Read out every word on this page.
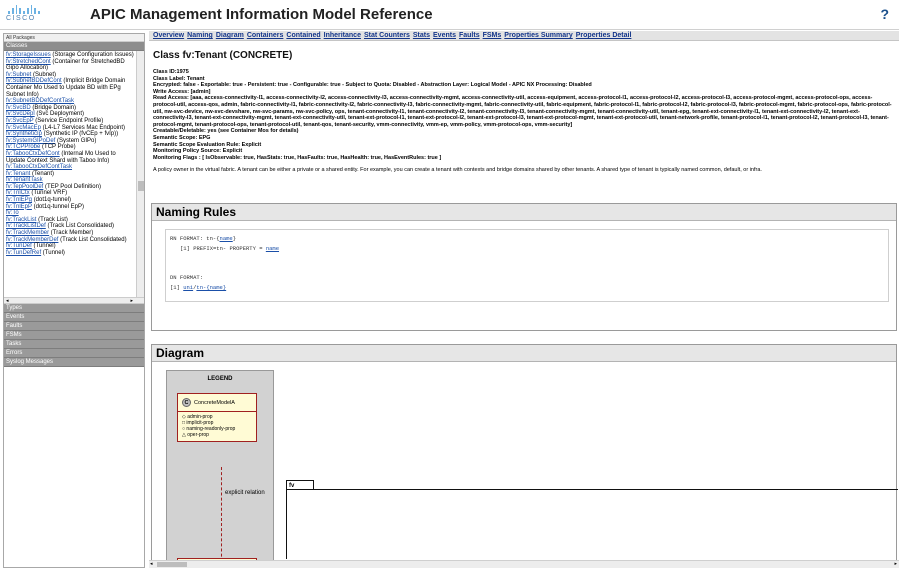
CISCO	APIC Management Information Model Reference	?
All Packages
Classes
fv:StorageIssues (Storage Configuration Issues)
fv:StretchedCont (Container for StretchedBD Gipo Allocation)
fv:Subnet (Subnet)
fv:SubnetBDDefCont (Implicit Bridge Domain Container Mo Used to Update BD with EPg Subnet Info)
fv:SubnetBDDefContTask
fv:SvcBD (Bridge Domain)
fv:SvcDepl (Svc Deployment)
fv:SvcEpP (Service Endpoint Profile)
fv:SvcMacEp (L4-L7 Services Mac Endpoint)
fv:SyntheticIp (Synthetic IP (fvCEp + fvIp))
fv:SystemGIPoDef (System GIPo)
fv:TCPProbe (TCP Probe)
fv:TabooCtxDefCont (Internal Mo Used to Update Context Shard with Taboo Info)
fv:TabooCtxDefContTask
fv:Tenant (Tenant)
fv:TenantTask
fv:TepPoolDef (TEP Pool Definition)
fv:TnlCtx (Tunnel VRF)
fv:TnlEPg (dot1q-tunnel)
fv:TnlEpP (dot1q-tunnel EpP)
fv:To
fv:TrackList (Track List)
fv:TrackListDef (Track List Consolidated)
fv:TrackMember (Track Member)
fv:TrackMemberDef (Track List Consolidated)
fv:TunDef (Tunnel)
fv:TunDefRef (Tunnel)
◂	▸
Types
Events
Faults
FSMs
Tasks
Errors
Syslog Messages
Overview Naming Diagram Containers Contained Inheritance Stat Counters Stats Events Faults FSMs Properties Summary Properties Detail
Class fv:Tenant (CONCRETE)
Class ID:1975
Class Label: Tenant
Encrypted: false - Exportable: true - Persistent: true - Configurable: true - Subject to Quota: Disabled - Abstraction Layer: Logical Model - APIC NX Processing: Disabled
Write Access: [admin]
Read Access: [aaa, access-connectivity-l1, access-connectivity-l2, access-connectivity-l3, access-connectivity-mgmt, access-connectivity-util, access-equipment, access-protocol-l1, access-protocol-l2, access-protocol-l3, access-protocol-mgmt, access-protocol-ops, access-protocol-util, access-qos, admin, fabric-connectivity-l1, fabric-connectivity-l2, fabric-connectivity-l3, fabric-connectivity-mgmt, fabric-connectivity-util, fabric-equipment, fabric-protocol-l1, fabric-protocol-l2, fabric-protocol-l3, fabric-protocol-mgmt, fabric-protocol-ops, fabric-protocol-util, nw-svc-device, nw-svc-devshare, nw-svc-params, nw-svc-policy, ops, tenant-connectivity-l1, tenant-connectivity-l2, tenant-connectivity-l3, tenant-connectivity-mgmt, tenant-connectivity-util, tenant-epg, tenant-ext-connectivity-l1, tenant-ext-connectivity-l2, tenant-ext-connectivity-l3, tenant-ext-connectivity-mgmt, tenant-ext-connectivity-util, tenant-ext-protocol-l1, tenant-ext-protocol-l2, tenant-ext-protocol-l3, tenant-ext-protocol-mgmt, tenant-ext-protocol-util, tenant-network-profile, tenant-protocol-l1, tenant-protocol-l2, tenant-protocol-l3, tenant-protocol-mgmt, tenant-protocol-ops, tenant-protocol-util, tenant-qos, tenant-security, vmm-connectivity, vmm-ep, vmm-policy, vmm-protocol-ops, vmm-security]
Creatable/Deletable: yes (see Container Mos for details)
Semantic Scope: EPG
Semantic Scope Evaluation Rule: Explicit
Monitoring Policy Source: Explicit
Monitoring Flags : [ IsObservable: true, HasStats: true, HasFaults: true, HasHealth: true, HasEventRules: true ]
A policy owner in the virtual fabric. A tenant can be either a private or a shared entity. For example, you can create a tenant with contexts and bridge domains shared by other tenants. A shared type of tenant is typically named common, default, or infra.
Naming Rules
RN FORMAT: tn-{name}
[1] PREFIX=tn- PROPERTY = name
DN FORMAT:
[1] uni/tn-{name}
Diagram
LEGEND
C	ConcreteModelA
◇ admin-prop
□ implicit-prop
○ naming-readonly-prop
△ oper-prop
explicit relation
fv
◂	▸
